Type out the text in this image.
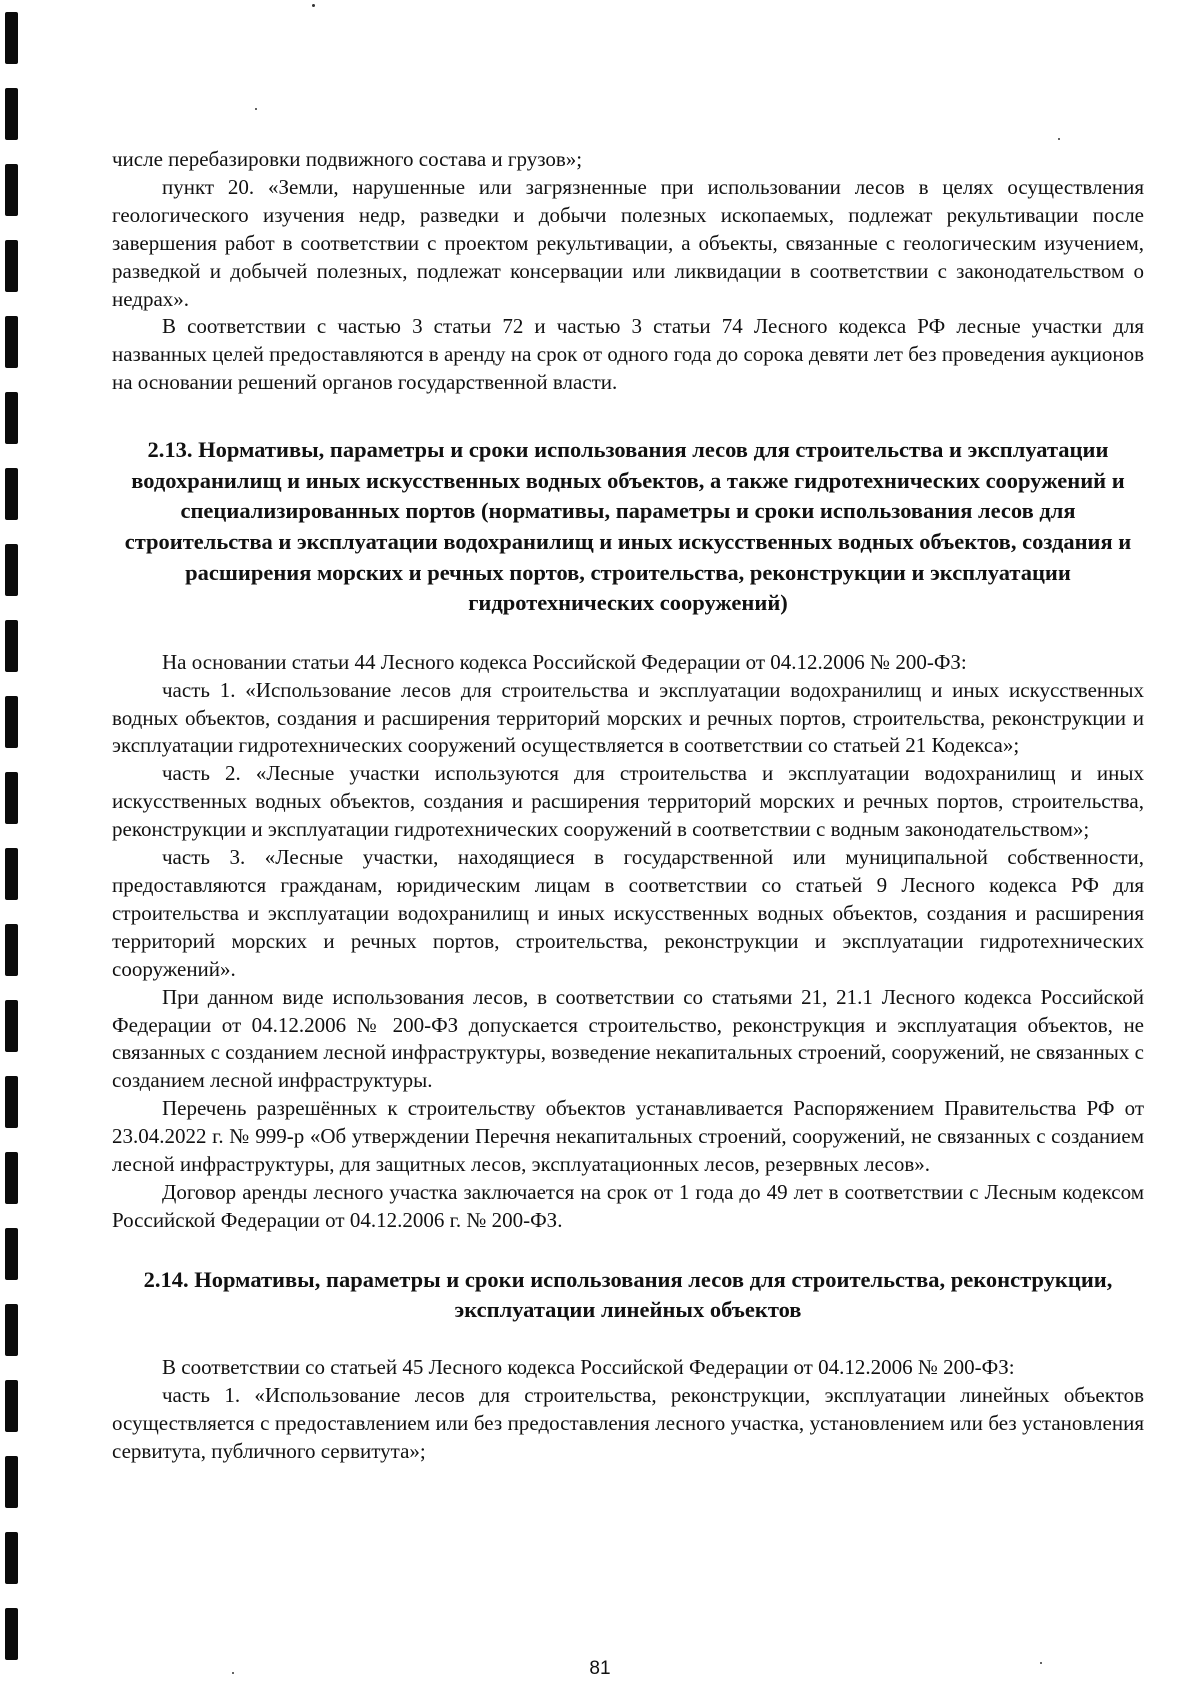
числе перебазировки подвижного состава и грузов»;

пункт 20. «Земли, нарушенные или загрязненные при использовании лесов в целях осуществления геологического изучения недр, разведки и добычи полезных ископаемых, подлежат рекультивации после завершения работ в соответствии с проектом рекультивации, а объекты, связанные с геологическим изучением, разведкой и добычей полезных, подлежат консервации или ликвидации в соответствии с законодательством о недрах».

В соответствии с частью 3 статьи 72 и частью 3 статьи 74 Лесного кодекса РФ лесные участки для названных целей предоставляются в аренду на срок от одного года до сорока девяти лет без проведения аукционов на основании решений органов государственной власти.

2.13. Нормативы, параметры и сроки использования лесов для строительства и эксплуатации водохранилищ и иных искусственных водных объектов, а также гидротехнических сооружений и специализированных портов (нормативы, параметры и сроки использования лесов для строительства и эксплуатации водохранилищ и иных искусственных водных объектов, создания и расширения морских и речных портов, строительства, реконструкции и эксплуатации гидротехнических сооружений)

На основании статьи 44 Лесного кодекса Российской Федерации от 04.12.2006 № 200-ФЗ:

часть 1. «Использование лесов для строительства и эксплуатации водохранилищ и иных искусственных водных объектов, создания и расширения территорий морских и речных портов, строительства, реконструкции и эксплуатации гидротехнических сооружений осуществляется в соответствии со статьей 21 Кодекса»;

часть 2. «Лесные участки используются для строительства и эксплуатации водохранилищ и иных искусственных водных объектов, создания и расширения территорий морских и речных портов, строительства, реконструкции и эксплуатации гидротехнических сооружений в соответствии с водным законодательством»;

часть 3. «Лесные участки, находящиеся в государственной или муниципальной собственности, предоставляются гражданам, юридическим лицам в соответствии со статьей 9 Лесного кодекса РФ для строительства и эксплуатации водохранилищ и иных искусственных водных объектов, создания и расширения территорий морских и речных портов, строительства, реконструкции и эксплуатации гидротехнических сооружений».

При данном виде использования лесов, в соответствии со статьями 21, 21.1 Лесного кодекса Российской Федерации от 04.12.2006 № 200-ФЗ допускается строительство, реконструкция и эксплуатация объектов, не связанных с созданием лесной инфраструктуры, возведение некапитальных строений, сооружений, не связанных с созданием лесной инфраструктуры.

Перечень разрешённых к строительству объектов устанавливается Распоряжением Правительства РФ от 23.04.2022 г. № 999-р «Об утверждении Перечня некапитальных строений, сооружений, не связанных с созданием лесной инфраструктуры, для защитных лесов, эксплуатационных лесов, резервных лесов».

Договор аренды лесного участка заключается на срок от 1 года до 49 лет в соответствии с Лесным кодексом Российской Федерации от 04.12.2006 г. № 200-ФЗ.

2.14. Нормативы, параметры и сроки использования лесов для строительства, реконструкции, эксплуатации линейных объектов

В соответствии со статьей 45 Лесного кодекса Российской Федерации от 04.12.2006 № 200-ФЗ:

часть 1. «Использование лесов для строительства, реконструкции, эксплуатации линейных объектов осуществляется с предоставлением или без предоставления лесного участка, установлением или без установления сервитута, публичного сервитута»;

81
